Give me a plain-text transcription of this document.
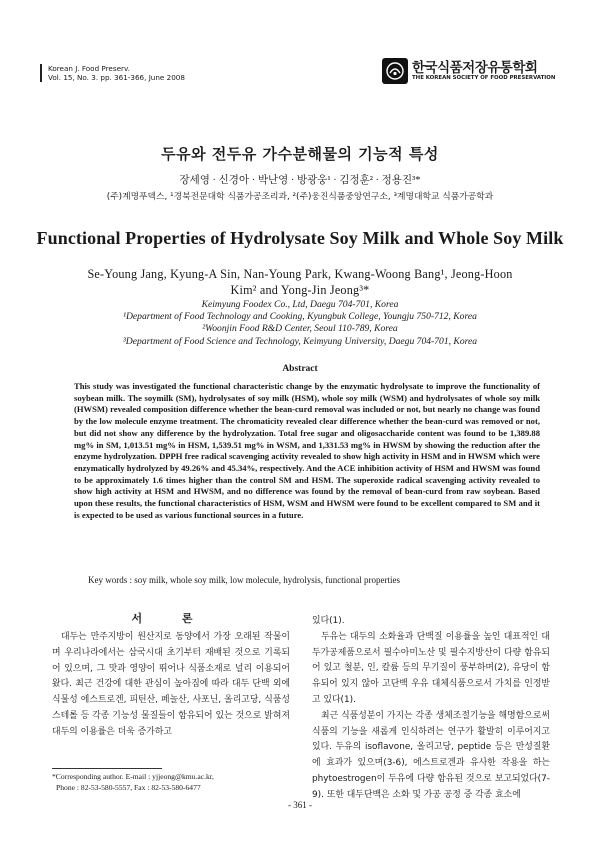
Korean J. Food Preserv.
Vol. 15, No. 3. pp. 361-366, June 2008
한국식품저장유통학회
THE KOREAN SOCIETY OF FOOD PRESERVATION
두유와 전두유 가수분해물의 기능적 특성
장세영 · 신경아 · 박난영 · 방광웅¹ · 김정훈² · 정용진³*
(주)계명푸덱스, ¹경북전문대학 식품가공조리과, ²(주)웅진식품중앙연구소, ³계명대학교 식품가공학과
Functional Properties of Hydrolysate Soy Milk and Whole Soy Milk
Se-Young Jang, Kyung-A Sin, Nan-Young Park, Kwang-Woong Bang¹, Jeong-Hoon
Kim² and Yong-Jin Jeong³*
Keimyung Foodex Co., Ltd, Daegu 704-701, Korea
¹Department of Food Technology and Cooking, Kyungbuk College, Youngju 750-712, Korea
²Woonjin Food R&D Center, Seoul 110-789, Korea
³Department of Food Science and Technology, Keimyung University, Daegu 704-701, Korea
Abstract
This study was investigated the functional characteristic change by the enzymatic hydrolysate to improve the functionality of soybean milk. The soymilk (SM), hydrolysates of soy milk (HSM), whole soy milk (WSM) and hydrolysates of whole soy milk (HWSM) revealed composition difference whether the bean-curd removal was included or not, but nearly no change was found by the low molecule enzyme treatment. The chromaticity revealed clear difference whether the bean-curd was removed or not, but did not show any difference by the hydrolyzation. Total free sugar and oligosaccharide content was found to be 1,389.88 mg% in SM, 1,013.51 mg% in HSM, 1,539.51 mg% in WSM, and 1,331.53 mg% in HWSM by showing the reduction after the enzyme hydrolyzation. DPPH free radical scavenging activity revealed to show high activity in HSM and in HWSM which were enzymatically hydrolyzed by 49.26% and 45.34%, respectively. And the ACE inhibition activity of HSM and HWSM was found to be approximately 1.6 times higher than the control SM and HSM. The superoxide radical scavenging activity revealed to show high activity at HSM and HWSM, and no difference was found by the removal of bean-curd from raw soybean. Based upon these results, the functional characteristics of HSM, WSM and HWSM were found to be excellent compared to SM and it is expected to be used as various functional sources in a future.
Key words : soy milk, whole soy milk, low molecule, hydrolysis, functional properties
서 론
대두는 만주지방이 원산지로 동양에서 가장 오래된 작물이며 우리나라에서는 삼국시대 초기부터 재배된 것으로 기록되어 있으며, 그 맛과 영양이 뛰어나 식품소재로 널리 이용되어 왔다. 최근 건강에 대한 관심이 높아짐에 따라 대두 단백 외에 식물성 에스트로겐, 피틴산, 페놀산, 사포닌, 올리고당, 식품성 스테롤 등 각종 기능성 물질들이 함유되어 있는 것으로 밝혀져 대두의 이용률은 더욱 증가하고
있다(1).
두유는 대두의 소화율과 단백질 이용률을 높인 대표적인 대두가공제품으로서 필수아미노산 및 필수지방산이 다량 함유되어 있고 철분, 인, 칼륨 등의 무기질이 풍부하며(2), 유당이 함유되어 있지 않아 고단백 우유 대체식품으로서 가치를 인정받고 있다(1).
최근 식품성분이 가지는 각종 생체조절기능을 해명함으로써 식품의 기능을 새롭게 인식하려는 연구가 활발히 이루어지고 있다. 두유의 isoflavone, 올리고당, peptide 등은 만성질환에 효과가 있으며(3-6), 에스트로겐과 유사한 작용을 하는 phytoestrogen이 두유에 다량 함유된 것으로 보고되었다(7-9). 또한 대두단백은 소화 및 가공 공정 중 각종 효소에
*Corresponding author. E-mail : yjjeong@kmu.ac.kr,
Phone : 82-53-580-5557, Fax : 82-53-580-6477
- 361 -
